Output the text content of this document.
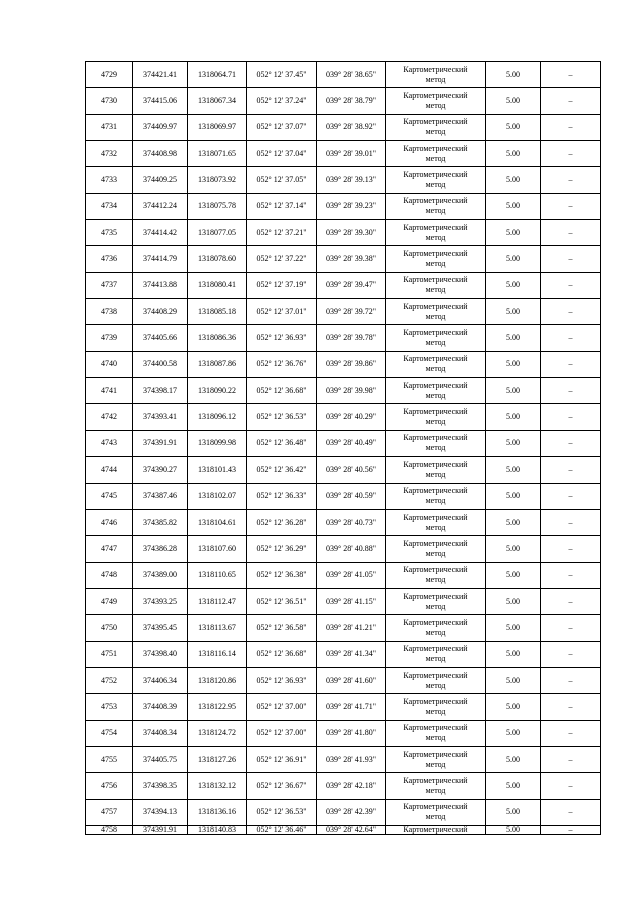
4729	374421.41	1318064.71	052° 12' 37.45"	039° 28' 38.65"	Картометрический
метод	5.00	–
4730	374415.06	1318067.34	052° 12' 37.24"	039° 28' 38.79"	Картометрический
метод	5.00	–
4731	374409.97	1318069.97	052° 12' 37.07"	039° 28' 38.92"	Картометрический
метод	5.00	–
4732	374408.98	1318071.65	052° 12' 37.04"	039° 28' 39.01"	Картометрический
метод	5.00	–
4733	374409.25	1318073.92	052° 12' 37.05"	039° 28' 39.13"	Картометрический
метод	5.00	–
4734	374412.24	1318075.78	052° 12' 37.14"	039° 28' 39.23"	Картометрический
метод	5.00	–
4735	374414.42	1318077.05	052° 12' 37.21"	039° 28' 39.30"	Картометрический
метод	5.00	–
4736	374414.79	1318078.60	052° 12' 37.22"	039° 28' 39.38"	Картометрический
метод	5.00	–
4737	374413.88	1318080.41	052° 12' 37.19"	039° 28' 39.47"	Картометрический
метод	5.00	–
4738	374408.29	1318085.18	052° 12' 37.01"	039° 28' 39.72"	Картометрический
метод	5.00	–
4739	374405.66	1318086.36	052° 12' 36.93"	039° 28' 39.78"	Картометрический
метод	5.00	–
4740	374400.58	1318087.86	052° 12' 36.76"	039° 28' 39.86"	Картометрический
метод	5.00	–
4741	374398.17	1318090.22	052° 12' 36.68"	039° 28' 39.98"	Картометрический
метод	5.00	–
4742	374393.41	1318096.12	052° 12' 36.53"	039° 28' 40.29"	Картометрический
метод	5.00	–
4743	374391.91	1318099.98	052° 12' 36.48"	039° 28' 40.49"	Картометрический
метод	5.00	–
4744	374390.27	1318101.43	052° 12' 36.42"	039° 28' 40.56"	Картометрический
метод	5.00	–
4745	374387.46	1318102.07	052° 12' 36.33"	039° 28' 40.59"	Картометрический
метод	5.00	–
4746	374385.82	1318104.61	052° 12' 36.28"	039° 28' 40.73"	Картометрический
метод	5.00	–
4747	374386.28	1318107.60	052° 12' 36.29"	039° 28' 40.88"	Картометрический
метод	5.00	–
4748	374389.00	1318110.65	052° 12' 36.38"	039° 28' 41.05"	Картометрический
метод	5.00	–
4749	374393.25	1318112.47	052° 12' 36.51"	039° 28' 41.15"	Картометрический
метод	5.00	–
4750	374395.45	1318113.67	052° 12' 36.58"	039° 28' 41.21"	Картометрический
метод	5.00	–
4751	374398.40	1318116.14	052° 12' 36.68"	039° 28' 41.34"	Картометрический
метод	5.00	–
4752	374406.34	1318120.86	052° 12' 36.93"	039° 28' 41.60"	Картометрический
метод	5.00	–
4753	374408.39	1318122.95	052° 12' 37.00"	039° 28' 41.71"	Картометрический
метод	5.00	–
4754	374408.34	1318124.72	052° 12' 37.00"	039° 28' 41.80"	Картометрический
метод	5.00	–
4755	374405.75	1318127.26	052° 12' 36.91"	039° 28' 41.93"	Картометрический
метод	5.00	–
4756	374398.35	1318132.12	052° 12' 36.67"	039° 28' 42.18"	Картометрический
метод	5.00	–
4757	374394.13	1318136.16	052° 12' 36.53"	039° 28' 42.39"	Картометрический
метод	5.00	–
4758	374391.91	1318140.83	052° 12' 36.46"	039° 28' 42.64"	Картометрический	5.00	–
